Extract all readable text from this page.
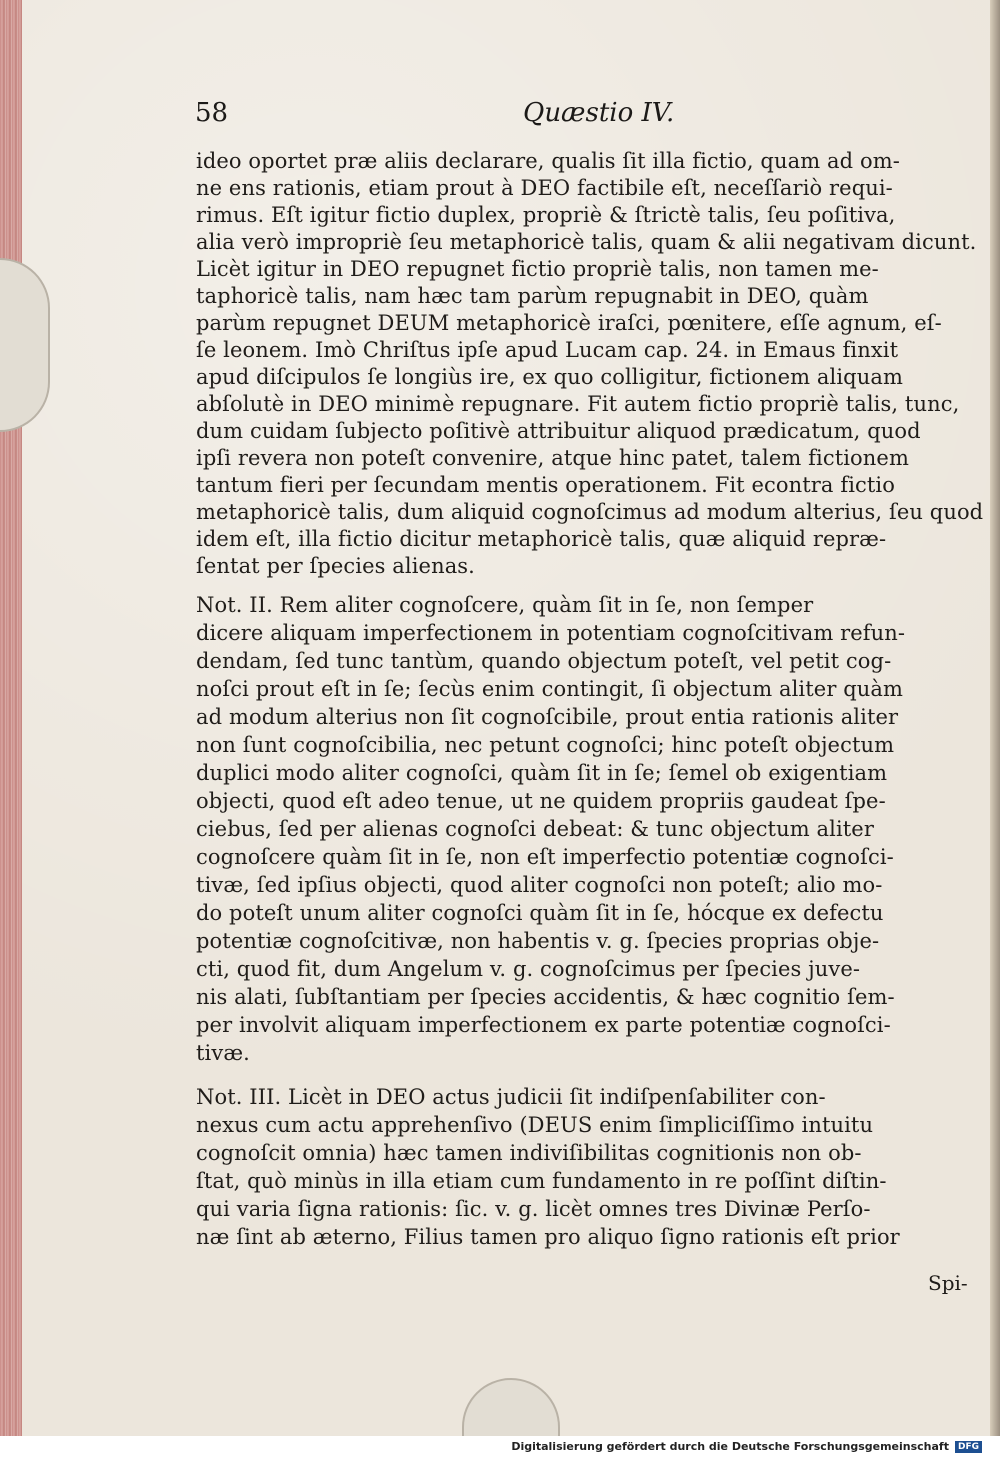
58	Quæstio IV.
ideo oportet præ aliis declarare, qualis ſit illa fictio, quam ad om-
ne ens rationis, etiam prout à DEO factibile eſt, neceſſariò requi-
rimus. Eſt igitur fictio duplex, propriè & ſtrictè talis, ſeu poſitiva,
alia verò impropriè ſeu metaphoricè talis, quam & alii negativam dicunt.
Licèt igitur in DEO repugnet fictio propriè talis, non tamen me-
taphoricè talis, nam hæc tam parùm repugnabit in DEO, quàm
parùm repugnet DEUM metaphoricè iraſci, pœnitere, eſſe agnum, eſ-
ſe leonem. Imò Chriſtus ipſe apud Lucam cap. 24. in Emaus finxit
apud diſcipulos ſe longiùs ire, ex quo colligitur, fictionem aliquam
abſolutè in DEO minimè repugnare. Fit autem fictio propriè talis, tunc,
dum cuidam ſubjecto poſitivè attribuitur aliquod prædicatum, quod
ipſi revera non poteſt convenire, atque hinc patet, talem fictionem
tantum fieri per ſecundam mentis operationem. Fit econtra fictio
metaphoricè talis, dum aliquid cognoſcimus ad modum alterius, ſeu quod
idem eſt, illa fictio dicitur metaphoricè talis, quæ aliquid repræ-
ſentat per ſpecies alienas.
Not. II. Rem aliter cognoſcere, quàm ſit in ſe, non ſemper
dicere aliquam imperfectionem in potentiam cognoſcitivam refun-
dendam, ſed tunc tantùm, quando objectum poteſt, vel petit cog-
noſci prout eſt in ſe; ſecùs enim contingit, ſi objectum aliter quàm
ad modum alterius non ſit cognoſcibile, prout entia rationis aliter
non ſunt cognoſcibilia, nec petunt cognoſci; hinc poteſt objectum
duplici modo aliter cognoſci, quàm ſit in ſe; ſemel ob exigentiam
objecti, quod eſt adeo tenue, ut ne quidem propriis gaudeat ſpe-
ciebus, ſed per alienas cognoſci debeat: & tunc objectum aliter
cognoſcere quàm ſit in ſe, non eſt imperfectio potentiæ cognoſci-
tivæ, ſed ipſius objecti, quod aliter cognoſci non poteſt; alio mo-
do poteſt unum aliter cognoſci quàm ſit in ſe, hócque ex defectu
potentiæ cognoſcitivæ, non habentis v. g. ſpecies proprias obje-
cti, quod fit, dum Angelum v. g. cognoſcimus per ſpecies juve-
nis alati, ſubſtantiam per ſpecies accidentis, & hæc cognitio ſem-
per involvit aliquam imperfectionem ex parte potentiæ cognoſci-
tivæ.
Not. III. Licèt in DEO actus judicii ſit indiſpenſabiliter con-
nexus cum actu apprehenſivo (DEUS enim ſimpliciſſimo intuitu
cognoſcit omnia) hæc tamen indiviſibilitas cognitionis non ob-
ſtat, quò minùs in illa etiam cum fundamento in re poſſint diſtin-
qui varia ſigna rationis: ſic. v. g. licèt omnes tres Divinæ Perſo-
næ ſint ab æterno, Filius tamen pro aliquo ſigno rationis eſt prior
Spi-
Digitalisierung gefördert durch die Deutsche Forschungsgemeinschaft	DFG
